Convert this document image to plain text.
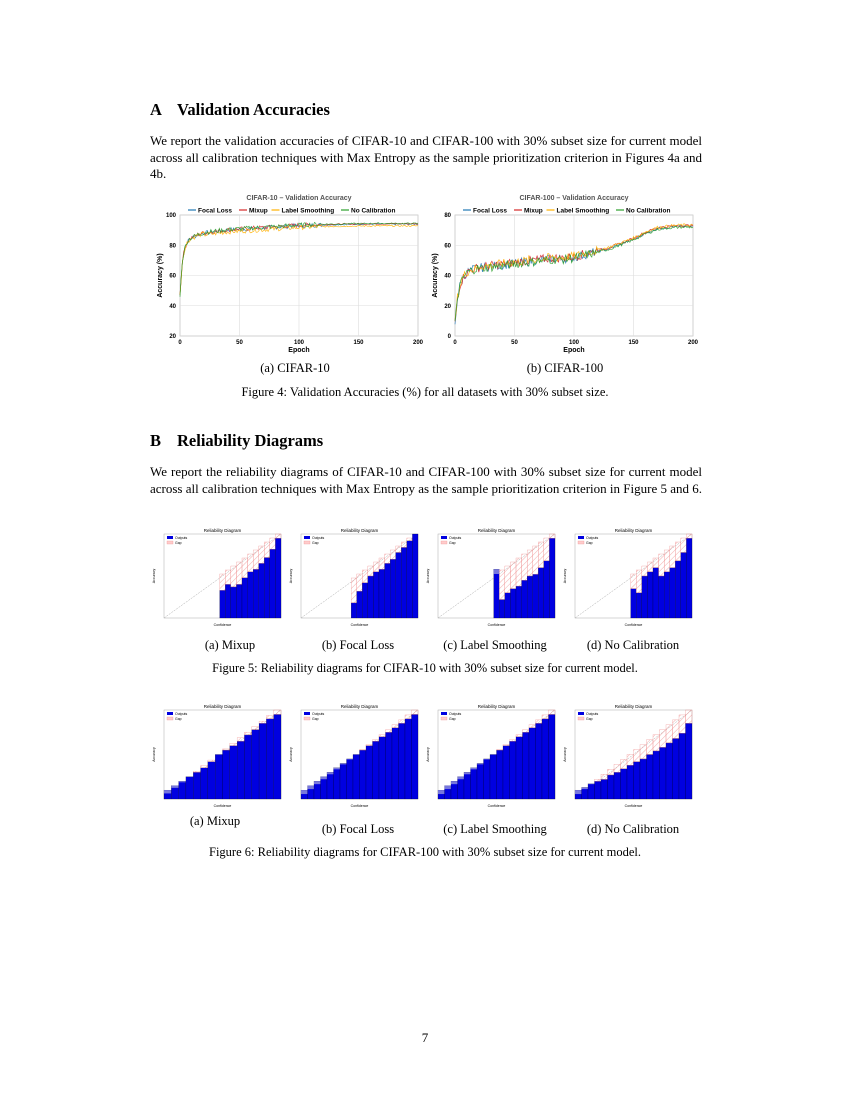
A Validation Accuracies
We report the validation accuracies of CIFAR-10 and CIFAR-100 with 30% subset size for current model across all calibration techniques with Max Entropy as the sample prioritization criterion in Figures 4a and 4b.
0	50	100	150	200
20
40
60
80
100
CIFAR-10 – Validation Accuracy
Epoch
Accuracy (%)
Focal Loss	Mixup Label Smoothing	No Calibration
0	50	100	150	200
0
20
40
60
80
CIFAR-100 – Validation Accuracy
Epoch
Accuracy (%)
Focal Loss	Mixup Label Smoothing	No Calibration
(a) CIFAR-10	(b) CIFAR-100
Figure 4: Validation Accuracies (%) for all datasets with 30% subset size.
B Reliability Diagrams
We report the reliability diagrams of CIFAR-10 and CIFAR-100 with 30% subset size for current model across all calibration techniques with Max Entropy as the sample prioritization criterion in Figure 5 and 6.
Reliability Diagram
Outputs
Gap
Confidence
Accuracy
Reliability Diagram
Outputs
Gap
Confidence
Accuracy
Reliability Diagram
Outputs
Gap
Confidence
Accuracy
Reliability Diagram
Outputs
Gap
Confidence
Accuracy
(a) Mixup	(b) Focal Loss	(c) Label Smoothing	(d) No Calibration
Figure 5: Reliability diagrams for CIFAR-10 with 30% subset size for current model.
Reliability Diagram
Outputs
Gap
Confidence
Accuracy
Reliability Diagram
Outputs
Gap
Confidence
Accuracy
Reliability Diagram
Outputs
Gap
Confidence
Accuracy
Reliability Diagram
Outputs
Gap
Confidence
Accuracy
(a) Mixup
(b) Focal Loss	(c) Label Smoothing	(d) No Calibration
Figure 6: Reliability diagrams for CIFAR-100 with 30% subset size for current model.
7
